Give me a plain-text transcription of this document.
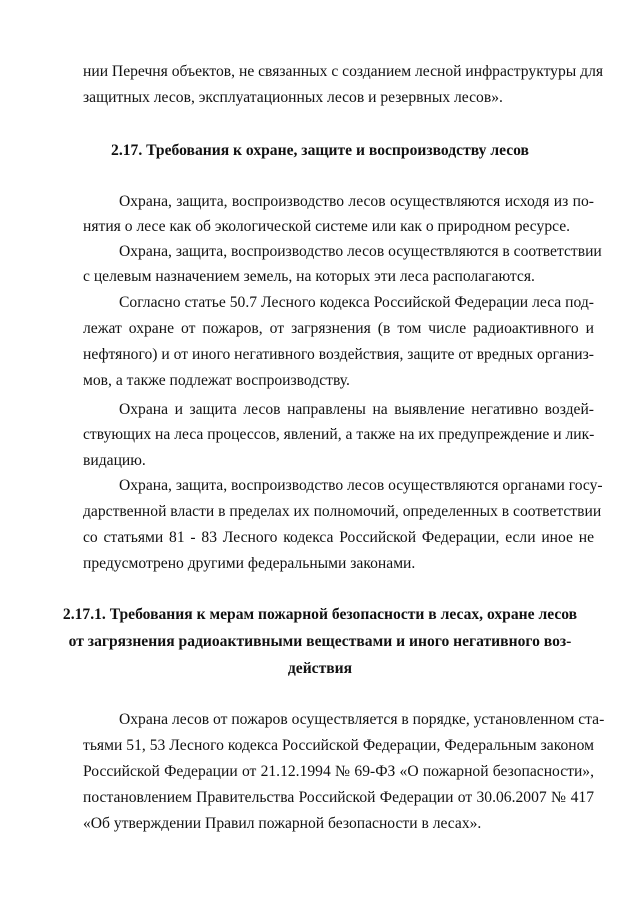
нии Перечня объектов, не связанных с созданием лесной инфраструктуры для
защитных лесов, эксплуатационных лесов и резервных лесов».
2.17. Требования к охране, защите и воспроизводству лесов
Охрана, защита, воспроизводство лесов осуществляются исходя из по-
нятия о лесе как об экологической системе или как о природном ресурсе.
Охрана, защита, воспроизводство лесов осуществляются в соответствии
с целевым назначением земель, на которых эти леса располагаются.
Согласно статье 50.7 Лесного кодекса Российской Федерации леса под-
лежат охране от пожаров, от загрязнения (в том числе радиоактивного и
нефтяного) и от иного негативного воздействия, защите от вредных организ-
мов, а также подлежат воспроизводству.
Охрана и защита лесов направлены на выявление негативно воздей-
ствующих на леса процессов, явлений, а также на их предупреждение и лик-
видацию.
Охрана, защита, воспроизводство лесов осуществляются органами госу-
дарственной власти в пределах их полномочий, определенных в соответствии
со статьями 81 - 83 Лесного кодекса Российской Федерации, если иное не
предусмотрено другими федеральными законами.
2.17.1. Требования к мерам пожарной безопасности в лесах, охране лесов
от загрязнения радиоактивными веществами и иного негативного воз-
действия
Охрана лесов от пожаров осуществляется в порядке, установленном ста-
тьями 51, 53 Лесного кодекса Российской Федерации, Федеральным законом
Российской Федерации от 21.12.1994 № 69-ФЗ «О пожарной безопасности»,
постановлением Правительства Российской Федерации от 30.06.2007 № 417
«Об утверждении Правил пожарной безопасности в лесах».
